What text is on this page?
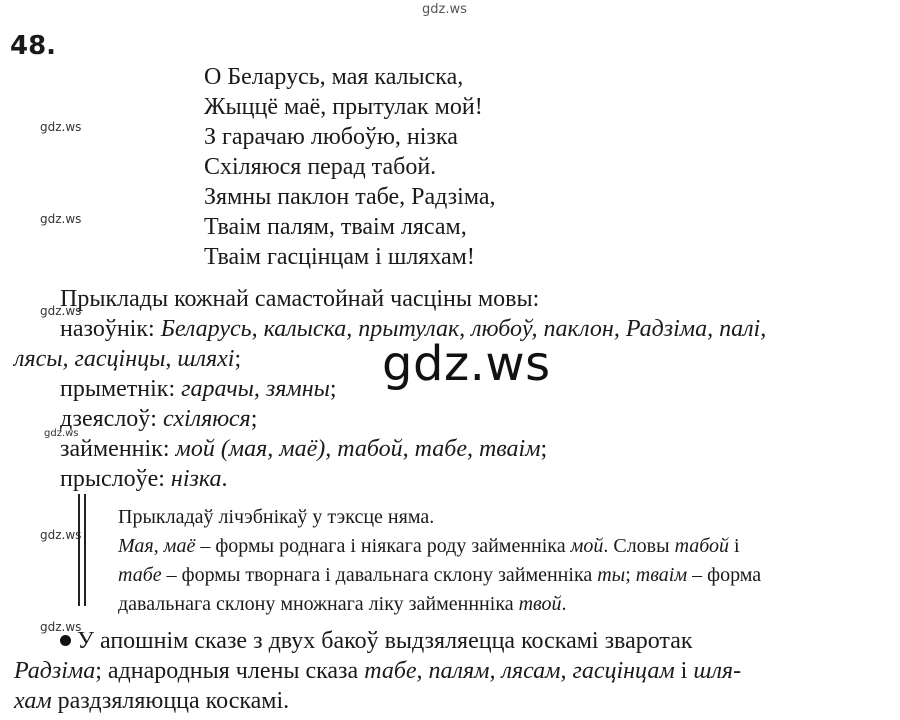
gdz.ws
gdz.ws
gdz.ws
gdz.ws
gdz.ws
gdz.ws
gdz.ws
48.
О Беларусь, мая калыска,
Жыццё маё, прытулак мой!
З гарачаю любоўю, нізка
Схіляюся перад табой.
Зямны паклон табе, Радзіма,
Тваім палям, тваім лясам,
Тваім гасцінцам і шляхам!
Прыклады кожнай самастойнай часціны мовы:
назоўнік: Беларусь, калыска, прытулак, любоў, паклон, Радзіма, палі,
лясы, гасцінцы, шляхі;
прыметнік: гарачы, зямны;
дзеяслоў: схіляюся;
займеннік: мой (мая, маё), табой, табе, тваім;
прыслоўе: нізка.
Прыкладаў лічэбнікаў у тэксце няма.
Мая, маё – формы роднага і ніякага роду займенніка мой. Словы табой і
табе – формы творнага і давальнага склону займенніка ты; тваім – форма
давальнага склону множнага ліку займенннiка твой.
У апошнім сказе з двух бакоў выдзяляецца коскамі зваротак
Радзіма; аднародныя члены сказа табе, палям, лясам, гасцінцам і шля-
хам раздзяляюцца коскамі.
gdz.ws
